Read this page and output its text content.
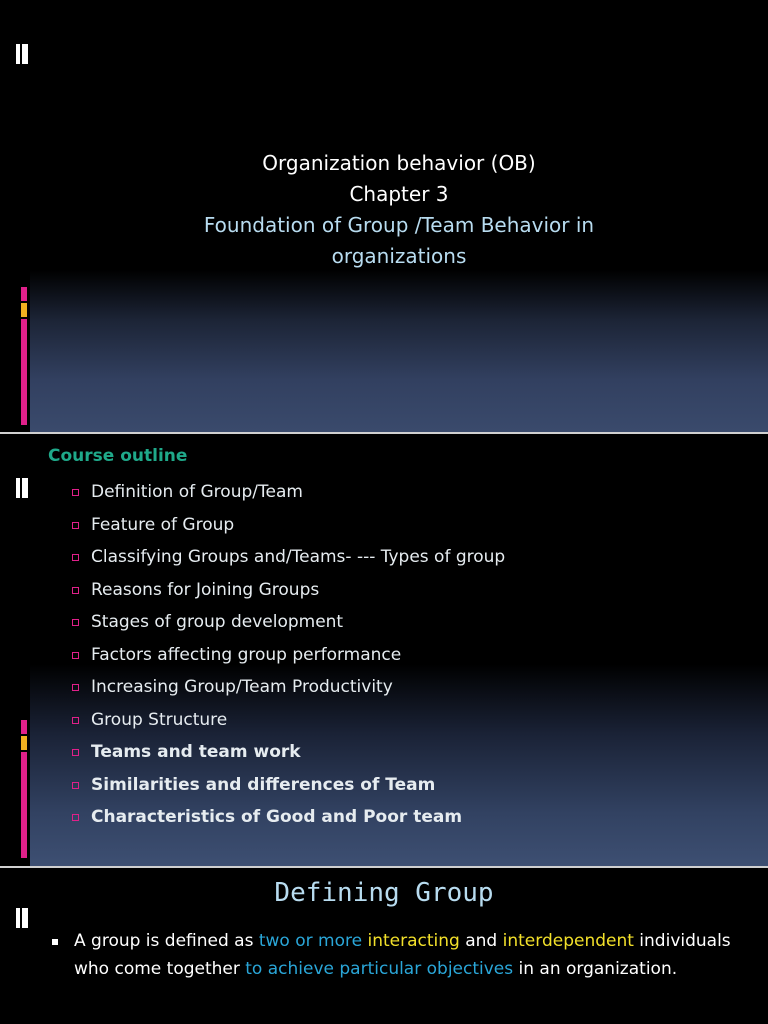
Organization behavior (OB)
Chapter 3
Foundation of Group /Team Behavior in
organizations
Course outline
Definition of Group/Team
Feature of Group
Classifying Groups and/Teams- --- Types of group
Reasons for Joining Groups
Stages of group development
Factors affecting group performance
Increasing Group/Team Productivity
Group Structure
Teams and team work
Similarities and differences of Team
Characteristics of Good and Poor team
Defining Group
A group is defined as two or more interacting and interdependent individuals who come together to achieve particular objectives in an organization.
